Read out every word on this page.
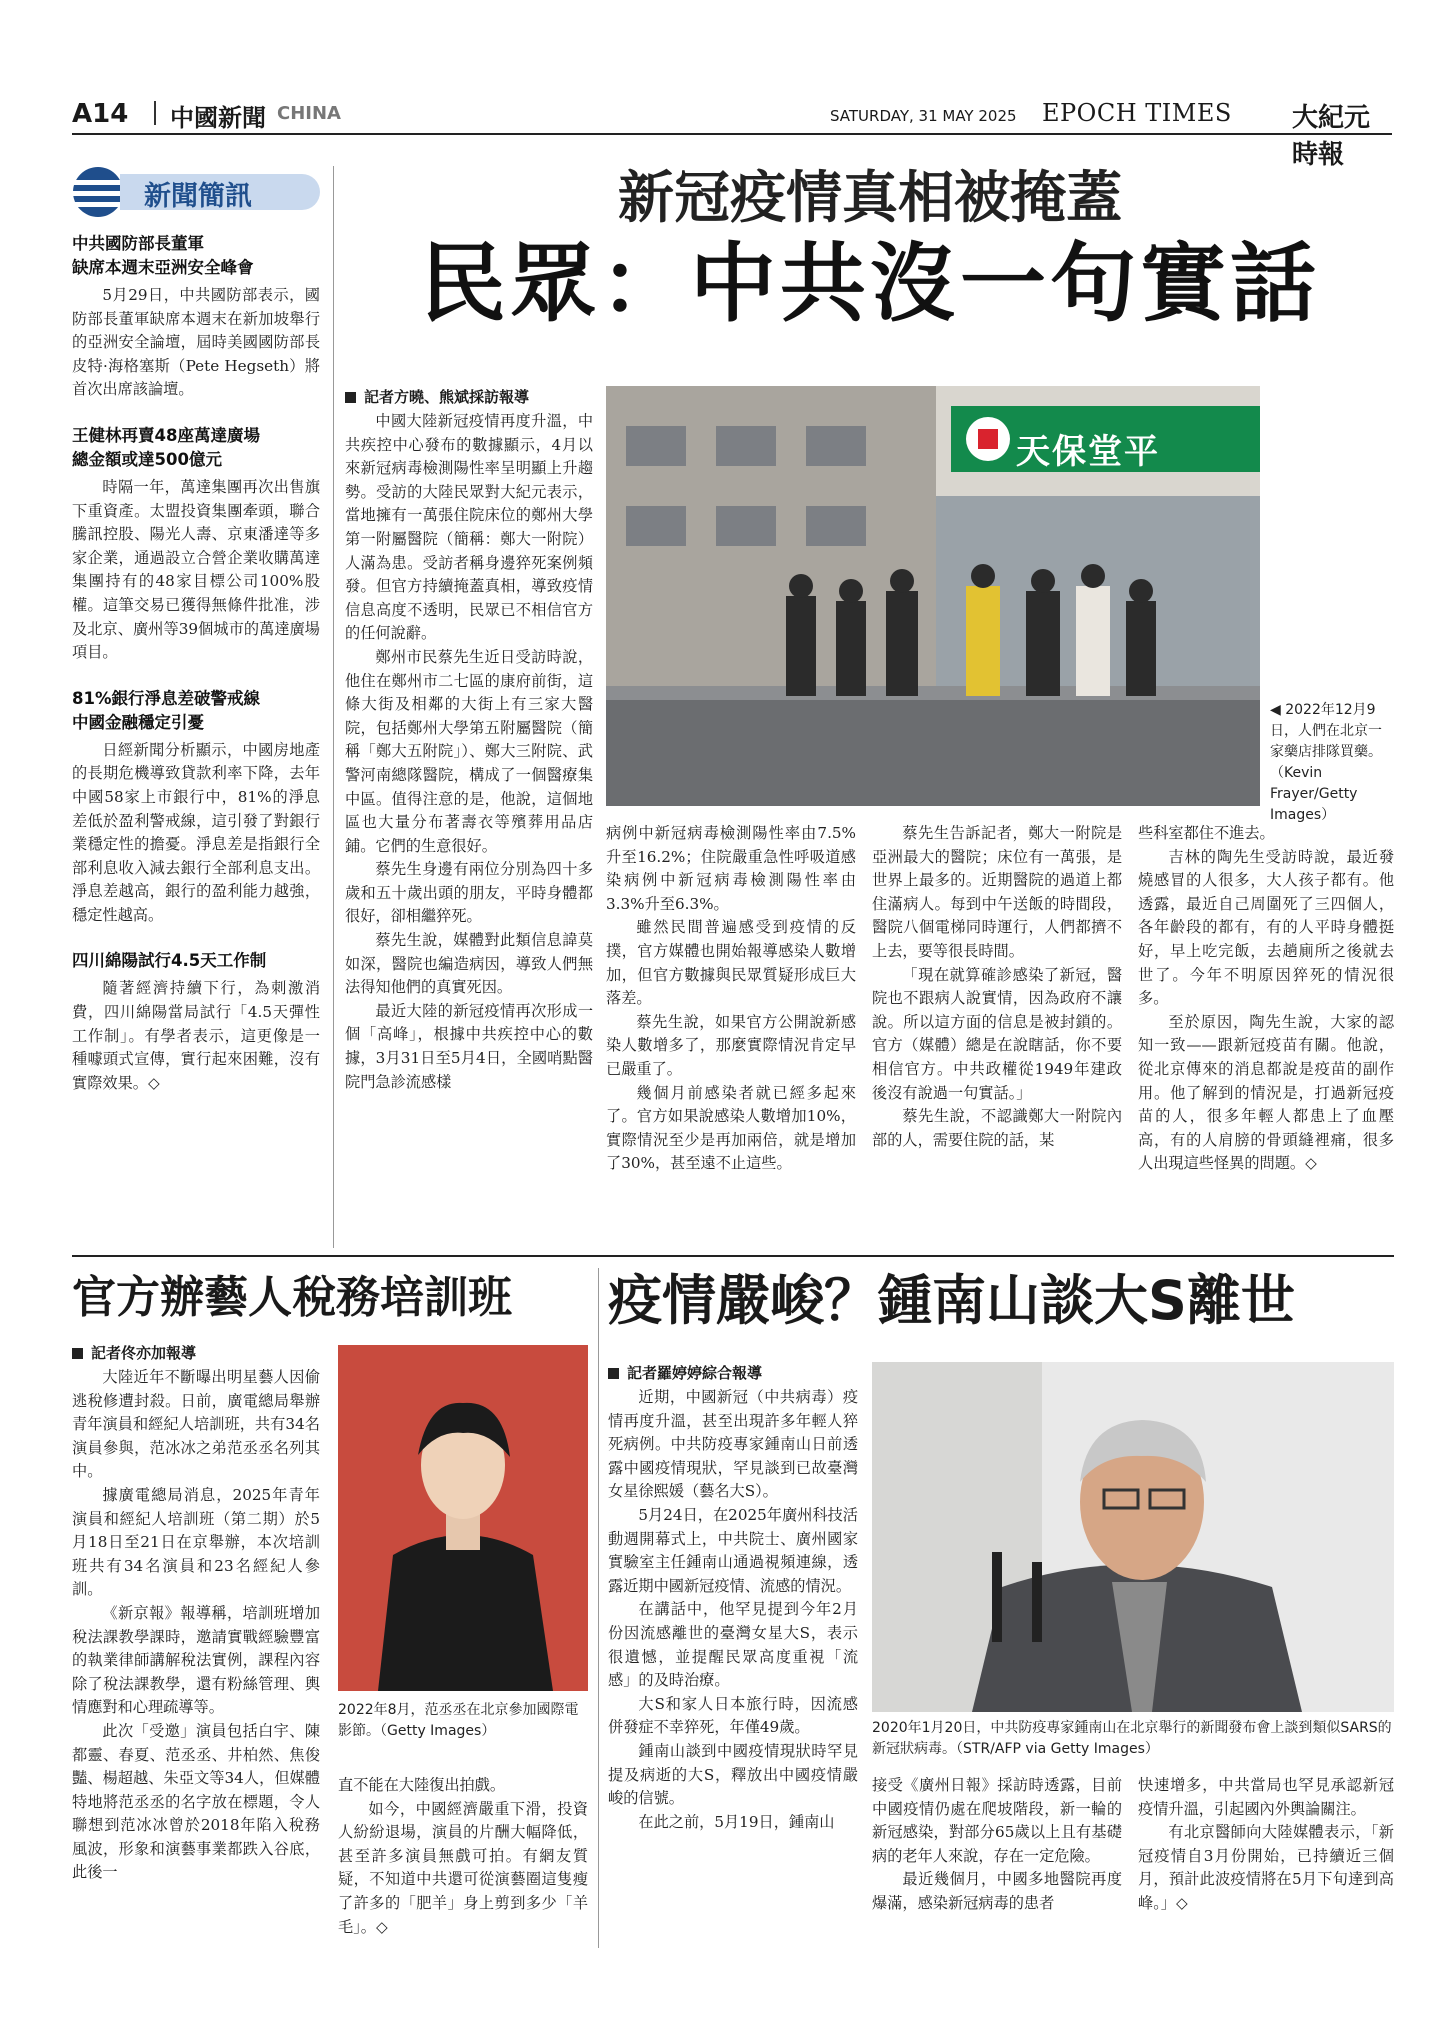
A14 中國新聞 CHINA	SATURDAY, 31 MAY 2025 EPOCH TIMES 大紀元時報
新聞簡訊
中共國防部長董軍
缺席本週末亞洲安全峰會

5月29日，中共國防部表示，國防部長董軍缺席本週末在新加坡舉行的亞洲安全論壇，屆時美國國防部長皮特·海格塞斯（Pete Hegseth）將首次出席該論壇。

王健林再賣48座萬達廣場
總金額或達500億元

時隔一年，萬達集團再次出售旗下重資產。太盟投資集團牽頭，聯合騰訊控股、陽光人壽、京東潘達等多家企業，通過設立合營企業收購萬達集團持有的48家目標公司100%股權。這筆交易已獲得無條件批准，涉及北京、廣州等39個城市的萬達廣場項目。

81%銀行淨息差破警戒線
中國金融穩定引憂

日經新聞分析顯示，中國房地產的長期危機導致貸款利率下降，去年中國58家上市銀行中，81%的淨息差低於盈利警戒線，這引發了對銀行業穩定性的擔憂。淨息差是指銀行全部利息收入減去銀行全部利息支出。淨息差越高，銀行的盈利能力越強，穩定性越高。

四川綿陽試行4.5天工作制

隨著經濟持續下行，為刺激消費，四川綿陽當局試行「4.5天彈性工作制」。有學者表示，這更像是一種噱頭式宣傳，實行起來困難，沒有實際效果。◇

新冠疫情真相被掩蓋
民眾：中共沒一句實話
記者方曉、熊斌採訪報導

中國大陸新冠疫情再度升溫，中共疾控中心發布的數據顯示，4月以來新冠病毒檢測陽性率呈明顯上升趨勢。受訪的大陸民眾對大紀元表示，當地擁有一萬張住院床位的鄭州大學第一附屬醫院（簡稱：鄭大一附院）人滿為患。受訪者稱身邊猝死案例頻發。但官方持續掩蓋真相，導致疫情信息高度不透明，民眾已不相信官方的任何說辭。

鄭州市民蔡先生近日受訪時說，他住在鄭州市二七區的康府前街，這條大街及相鄰的大街上有三家大醫院，包括鄭州大學第五附屬醫院（簡稱「鄭大五附院」）、鄭大三附院、武警河南總隊醫院，構成了一個醫療集中區。值得注意的是，他說，這個地區也大量分布著壽衣等殯葬用品店鋪。它們的生意很好。

蔡先生身邊有兩位分別為四十多歲和五十歲出頭的朋友，平時身體都很好，卻相繼猝死。

蔡先生說，媒體對此類信息諱莫如深，醫院也編造病因，導致人們無法得知他們的真實死因。

最近大陸的新冠疫情再次形成一個「高峰」，根據中共疾控中心的數據，3月31日至5月4日，全國哨點醫院門急診流感樣

天保堂平
◀ 2022年12月9日，人們在北京一家藥店排隊買藥。（Kevin Frayer/Getty Images）

病例中新冠病毒檢測陽性率由7.5%升至16.2%；住院嚴重急性呼吸道感染病例中新冠病毒檢測陽性率由3.3%升至6.3%。

雖然民間普遍感受到疫情的反撲，官方媒體也開始報導感染人數增加，但官方數據與民眾質疑形成巨大落差。

蔡先生說，如果官方公開說新感染人數增多了，那麼實際情況肯定早已嚴重了。

幾個月前感染者就已經多起來了。官方如果說感染人數增加10%，實際情況至少是再加兩倍，就是增加了30%，甚至遠不止這些。

蔡先生告訴記者，鄭大一附院是亞洲最大的醫院；床位有一萬張，是世界上最多的。近期醫院的過道上都住滿病人。每到中午送飯的時間段，醫院八個電梯同時運行，人們都擠不上去，要等很長時間。

「現在就算確診感染了新冠，醫院也不跟病人說實情，因為政府不讓說。所以這方面的信息是被封鎖的。官方（媒體）總是在說瞎話，你不要相信官方。中共政權從1949年建政後沒有說過一句實話。」

蔡先生說，不認識鄭大一附院內部的人，需要住院的話，某

些科室都住不進去。

吉林的陶先生受訪時說，最近發燒感冒的人很多，大人孩子都有。他透露，最近自己周圍死了三四個人，各年齡段的都有，有的人平時身體挺好，早上吃完飯，去趟廁所之後就去世了。今年不明原因猝死的情況很多。

至於原因，陶先生說，大家的認知一致——跟新冠疫苗有關。他說，從北京傳來的消息都說是疫苗的副作用。他了解到的情況是，打過新冠疫苗的人，很多年輕人都患上了血壓高，有的人肩膀的骨頭縫裡痛，很多人出現這些怪異的問題。◇

官方辦藝人稅務培訓班
記者佟亦加報導

大陸近年不斷曝出明星藝人因偷逃稅修遭封殺。日前，廣電總局舉辦青年演員和經紀人培訓班，共有34名演員參與，范冰冰之弟范丞丞名列其中。

據廣電總局消息，2025年青年演員和經紀人培訓班（第二期）於5月18日至21日在京舉辦，本次培訓班共有34名演員和23名經紀人參訓。

《新京報》報導稱，培訓班增加稅法課教學課時，邀請實戰經驗豐富的執業律師講解稅法實例，課程內容除了稅法課教學，還有粉絲管理、輿情應對和心理疏導等。

此次「受邀」演員包括白宇、陳都靈、春夏、范丞丞、井柏然、焦俊豔、楊超越、朱亞文等34人，但媒體特地將范丞丞的名字放在標題，令人聯想到范冰冰曾於2018年陷入稅務風波，形象和演藝事業都跌入谷底，此後一

2022年8月，范丞丞在北京參加國際電影節。（Getty Images）

直不能在大陸復出拍戲。

如今，中國經濟嚴重下滑，投資人紛紛退場，演員的片酬大幅降低，甚至許多演員無戲可拍。有網友質疑，不知道中共還可從演藝圈這隻瘦了許多的「肥羊」身上剪到多少「羊毛」。◇

疫情嚴峻？鍾南山談大S離世
記者羅婷婷綜合報導

近期，中國新冠（中共病毒）疫情再度升溫，甚至出現許多年輕人猝死病例。中共防疫專家鍾南山日前透露中國疫情現狀，罕見談到已故臺灣女星徐熙媛（藝名大S）。

5月24日，在2025年廣州科技活動週開幕式上，中共院士、廣州國家實驗室主任鍾南山通過視頻連線，透露近期中國新冠疫情、流感的情況。

在講話中，他罕見提到今年2月份因流感離世的臺灣女星大S，表示很遺憾，並提醒民眾高度重視「流感」的及時治療。

大S和家人日本旅行時，因流感併發症不幸猝死，年僅49歲。

鍾南山談到中國疫情現狀時罕見提及病逝的大S，釋放出中國疫情嚴峻的信號。

在此之前，5月19日，鍾南山

2020年1月20日，中共防疫專家鍾南山在北京舉行的新聞發布會上談到類似SARS的新冠狀病毒。（STR/AFP via Getty Images）

接受《廣州日報》採訪時透露，目前中國疫情仍處在爬坡階段，新一輪的新冠感染，對部分65歲以上且有基礎病的老年人來說，存在一定危險。

最近幾個月，中國多地醫院再度爆滿，感染新冠病毒的患者

快速增多，中共當局也罕見承認新冠疫情升溫，引起國內外輿論關注。

有北京醫師向大陸媒體表示，「新冠疫情自3月份開始，已持續近三個月，預計此波疫情將在5月下旬達到高峰。」◇
